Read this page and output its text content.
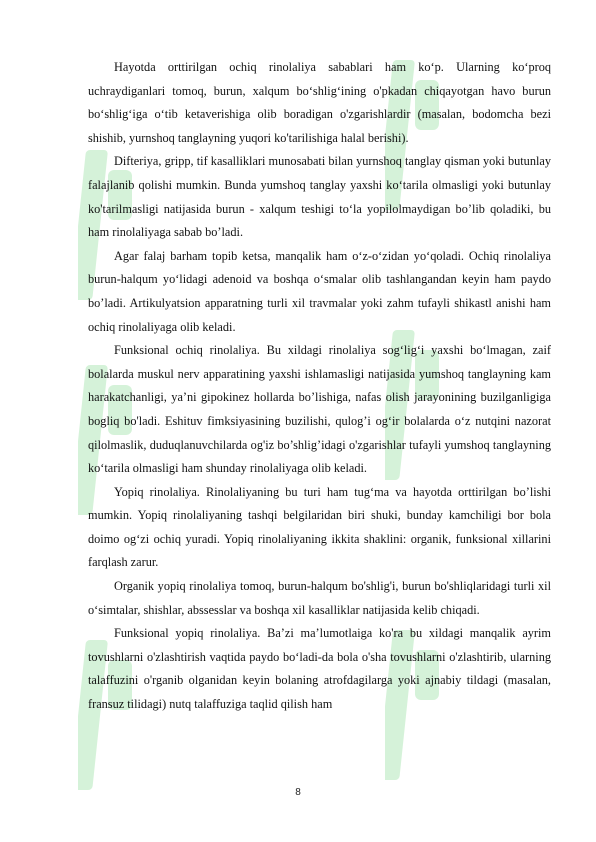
Hayotda orttirilgan ochiq rinolaliya sabablari ham ko‘p. Ularning ko‘proq uchraydiganlari tomoq, burun, xalqum bo‘shlig‘ining o'pkadan chiqayotgan havo burun bo‘shlig‘iga o‘tib ketaverishiga olib boradigan o'zgarishlardir (masalan, bodomcha bezi shishib, yurnshoq tanglayning yuqori ko'tarilishiga halal berishi).

Difteriya, gripp, tif kasalliklari munosabati bilan yurnshoq tanglay qisman yoki butunlay falajlanib qolishi mumkin. Bunda yumshoq tanglay yaxshi ko‘tarila olmasligi yoki butunlay ko'tarilmasligi natijasida burun - xalqum teshigi to‘la yopilolmaydigan bo’lib qoladiki, bu ham rinolaliyaga sabab bo’ladi.

Agar falaj barham topib ketsa, manqalik ham o‘z-o‘zidan yo‘qoladi. Ochiq rinolaliya burun-halqum yo‘lidagi adenoid va boshqa o‘smalar olib tashlangandan keyin ham paydo bo’ladi. Artikulyatsion apparatning turli xil travmalar yoki zahm tufayli shikastl anishi ham ochiq rinolaliyaga olib keladi.

Funksional ochiq rinolaliya. Bu xildagi rinolaliya sog‘lig‘i yaxshi bo‘lmagan, zaif bolalarda muskul nerv apparatining yaxshi ishlamasligi natijasida yumshoq tanglayning kam harakatchanligi, ya’ni gipokinez hollarda bo’lishiga, nafas olish jarayonining buzilganligiga bogliq bo'ladi. Eshituv fimksiyasining buzilishi, qulog’i og‘ir bolalarda o‘z nutqini nazorat qilolmaslik, duduqlanuvchilarda og'iz bo’shlig’idagi o'zgarishlar tufayli yumshoq tanglayning ko‘tarila olmasligi ham shunday rinolaliyaga olib keladi.

Yopiq rinolaliya. Rinolaliyaning bu turi ham tug‘ma va hayotda orttirilgan bo’lishi mumkin. Yopiq rinolaliyaning tashqi belgilaridan biri shuki, bunday kamchiligi bor bola doimo og‘zi ochiq yuradi. Yopiq rinolaliyaning ikkita shaklini: organik, funksional xillarini farqlash zarur.

Organik yopiq rinolaliya tomoq, burun-halqum bo'shlig'i, burun bo'shliqlaridagi turli xil o‘simtalar, shishlar, abssesslar va boshqa xil kasalliklar natijasida kelib chiqadi.

Funksional yopiq rinolaliya. Ba’zi ma’lumotlaiga ko'ra bu xildagi manqalik ayrim tovushlarni o'zlashtirish vaqtida paydo bo‘ladi-da bola o'sha tovushlarni o'zlashtirib, ularning talaffuzini o'rganib olganidan keyin bolaning atrofdagilarga yoki ajnabiy tildagi (masalan, fransuz tilidagi) nutq talaffuziga taqlid qilish ham

8
